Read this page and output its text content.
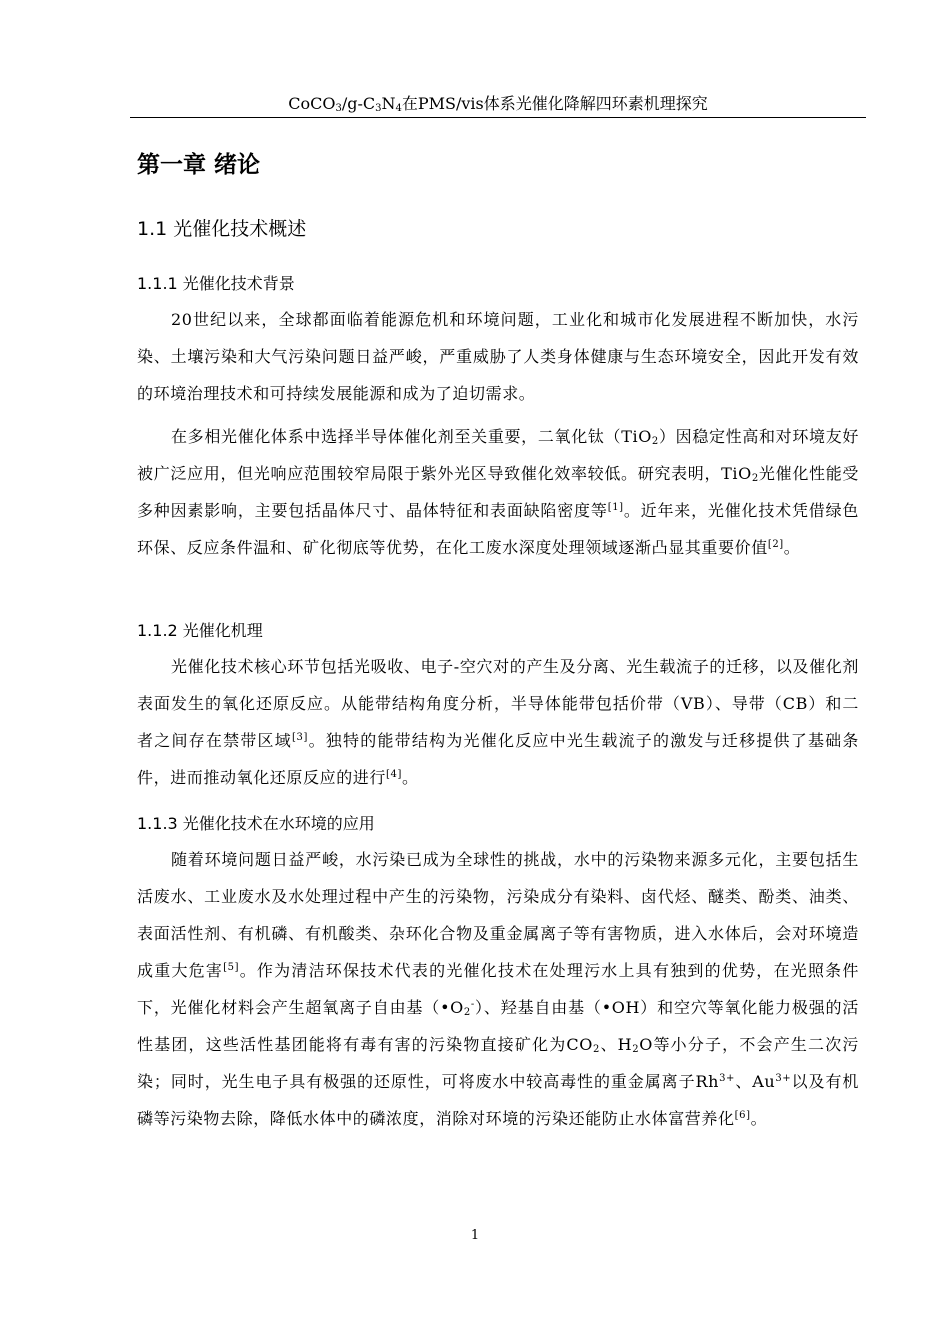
$CoCO_3/g-C_3N_4$在PMS/vis体系光催化降解四环素机理探究
第一章 绪论
1.1 光催化技术概述
1.1.1 光催化技术背景

20世纪以来，全球都面临着能源危机和环境问题，工业化和城市化发展进程不断加快，水污染、土壤污染和大气污染问题日益严峻，严重威胁了人类身体健康与生态环境安全，因此开发有效的环境治理技术和可持续发展能源和成为了迫切需求。

在多相光催化体系中选择半导体催化剂至关重要，二氧化钛（TiO$_2$）因稳定性高和对环境友好被广泛应用，但光响应范围较窄局限于紫外光区导致催化效率较低。研究表明，TiO$_2$光催化性能受多种因素影响，主要包括晶体尺寸、晶体特征和表面缺陷密度等[1]。近年来，光催化技术凭借绿色环保、反应条件温和、矿化彻底等优势，在化工废水深度处理领域逐渐凸显其重要价值[2]。

1.1.2 光催化机理

光催化技术核心环节包括光吸收、电子-空穴对的产生及分离、光生载流子的迁移，以及催化剂表面发生的氧化还原反应。从能带结构角度分析，半导体能带包括价带（VB）、导带（CB）和二者之间存在禁带区域[3]。独特的能带结构为光催化反应中光生载流子的激发与迁移提供了基础条件，进而推动氧化还原反应的进行[4]。

1.1.3 光催化技术在水环境的应用

随着环境问题日益严峻，水污染已成为全球性的挑战，水中的污染物来源多元化，主要包括生活废水、工业废水及水处理过程中产生的污染物，污染成分有染料、卤代烃、醚类、酚类、油类、表面活性剂、有机磷、有机酸类、杂环化合物及重金属离子等有害物质，进入水体后，会对环境造成重大危害[5]。作为清洁环保技术代表的光催化技术在处理污水上具有独到的优势，在光照条件下，光催化材料会产生超氧离子自由基$(•O_2^-)$、羟基自由基（•OH）和空穴等氧化能力极强的活性基团，这些活性基团能将有毒有害的污染物直接矿化为$CO_2$、$H_2O$等小分子，不会产生二次污染；同时，光生电子具有极强的还原性，可将废水中较高毒性的重金属离子$Rh^{3+}$、$Au^{3+}$以及有机磷等污染物去除，降低水体中的磷浓度，消除对环境的污染还能防止水体富营养化[6]。

1
